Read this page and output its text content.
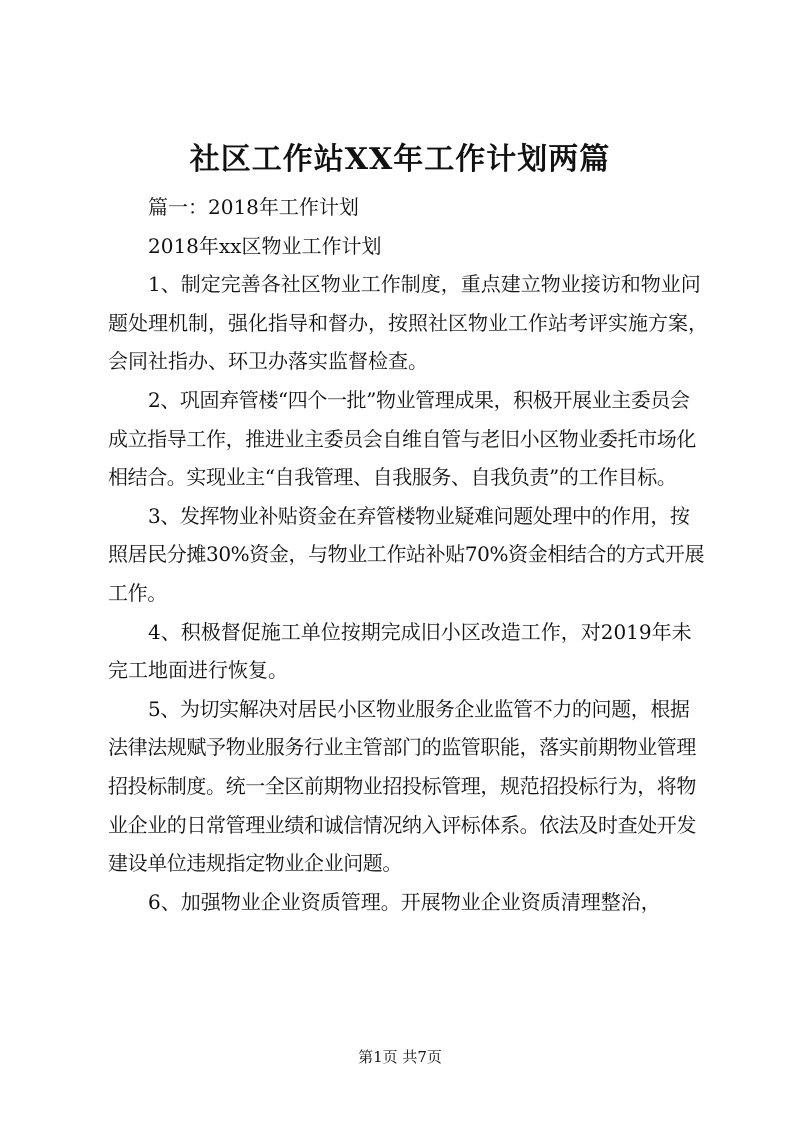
社区工作站XX年工作计划两篇

篇一：2018年工作计划

2018年xx区物业工作计划

1、制定完善各社区物业工作制度，重点建立物业接访和物业问题处理机制，强化指导和督办，按照社区物业工作站考评实施方案，会同社指办、环卫办落实监督检查。

2、巩固弃管楼“四个一批”物业管理成果，积极开展业主委员会成立指导工作，推进业主委员会自维自管与老旧小区物业委托市场化相结合。实现业主“自我管理、自我服务、自我负责”的工作目标。

3、发挥物业补贴资金在弃管楼物业疑难问题处理中的作用，按照居民分摊30%资金，与物业工作站补贴70%资金相结合的方式开展工作。

4、积极督促施工单位按期完成旧小区改造工作，对2019年未完工地面进行恢复。

5、为切实解决对居民小区物业服务企业监管不力的问题，根据法律法规赋予物业服务行业主管部门的监管职能，落实前期物业管理招投标制度。统一全区前期物业招投标管理，规范招投标行为，将物业企业的日常管理业绩和诚信情况纳入评标体系。依法及时查处开发建设单位违规指定物业企业问题。

6、加强物业企业资质管理。开展物业企业资质清理整治，

第1页 共7页
